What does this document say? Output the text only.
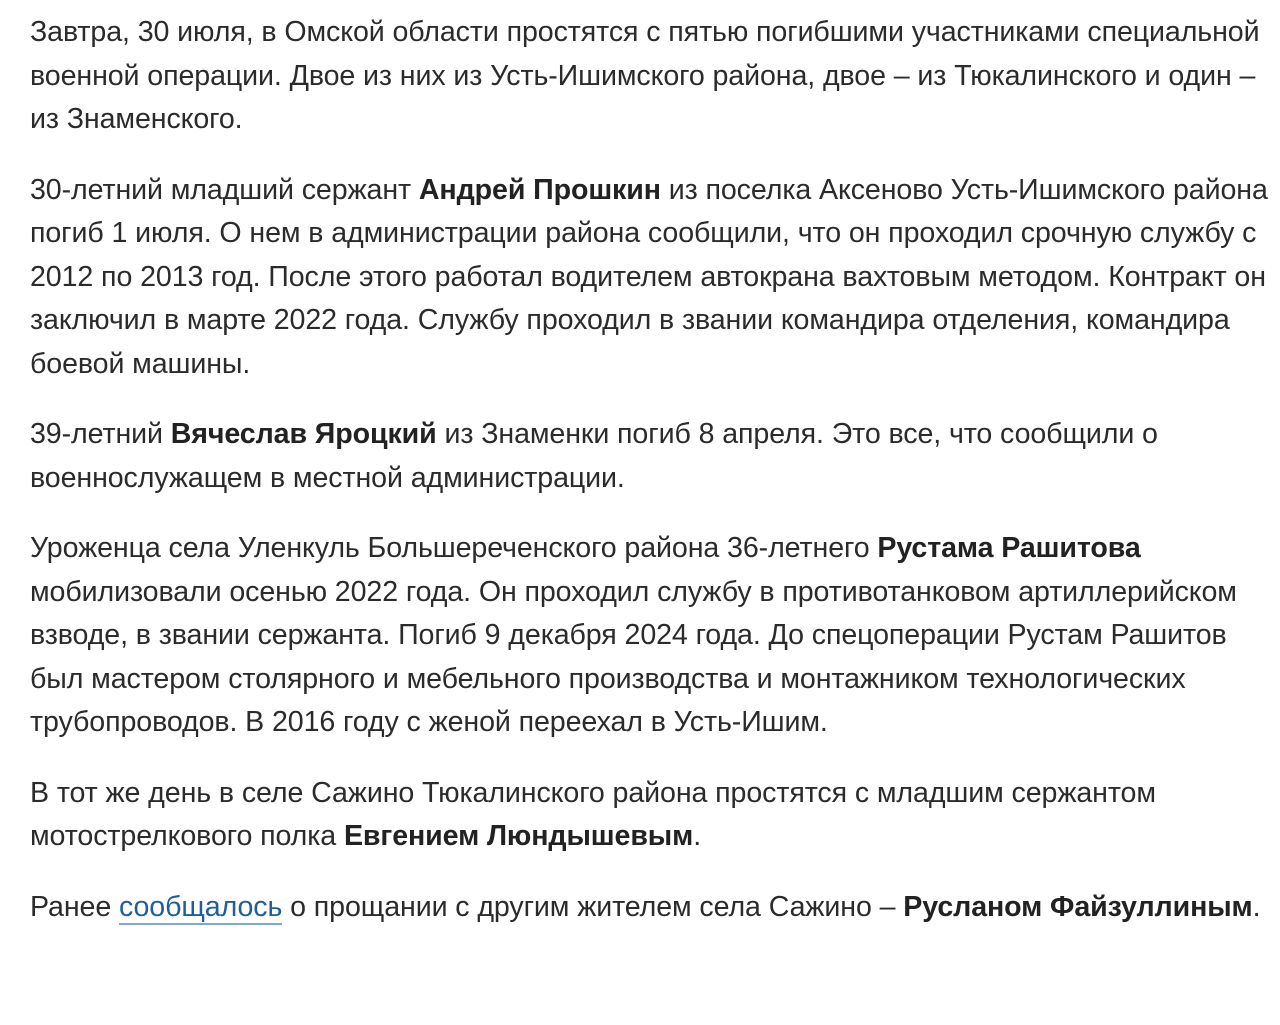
Завтра, 30 июля, в Омской области простятся с пятью погибшими участниками специальной военной операции. Двое из них из Усть-Ишимского района, двое – из Тюкалинского и один – из Знаменского.

30-летний младший сержант Андрей Прошкин из поселка Аксеново Усть-Ишимского района погиб 1 июля. О нем в администрации района сообщили, что он проходил срочную службу с 2012 по 2013 год. После этого работал водителем автокрана вахтовым методом. Контракт он заключил в марте 2022 года. Службу проходил в звании командира отделения, командира боевой машины.

39-летний Вячеслав Яроцкий из Знаменки погиб 8 апреля. Это все, что сообщили о военнослужащем в местной администрации.

Уроженца села Уленкуль Большереченского района 36-летнего Рустама Рашитова мобилизовали осенью 2022 года. Он проходил службу в противотанковом артиллерийском взводе, в звании сержанта. Погиб 9 декабря 2024 года. До спецоперации Рустам Рашитов был мастером столярного и мебельного производства и монтажником технологических трубопроводов. В 2016 году с женой переехал в Усть-Ишим.

В тот же день в селе Сажино Тюкалинского района простятся с младшим сержантом мотострелкового полка Евгением Люндышевым.

Ранее сообщалось о прощании с другим жителем села Сажино – Русланом Файзуллиным.
